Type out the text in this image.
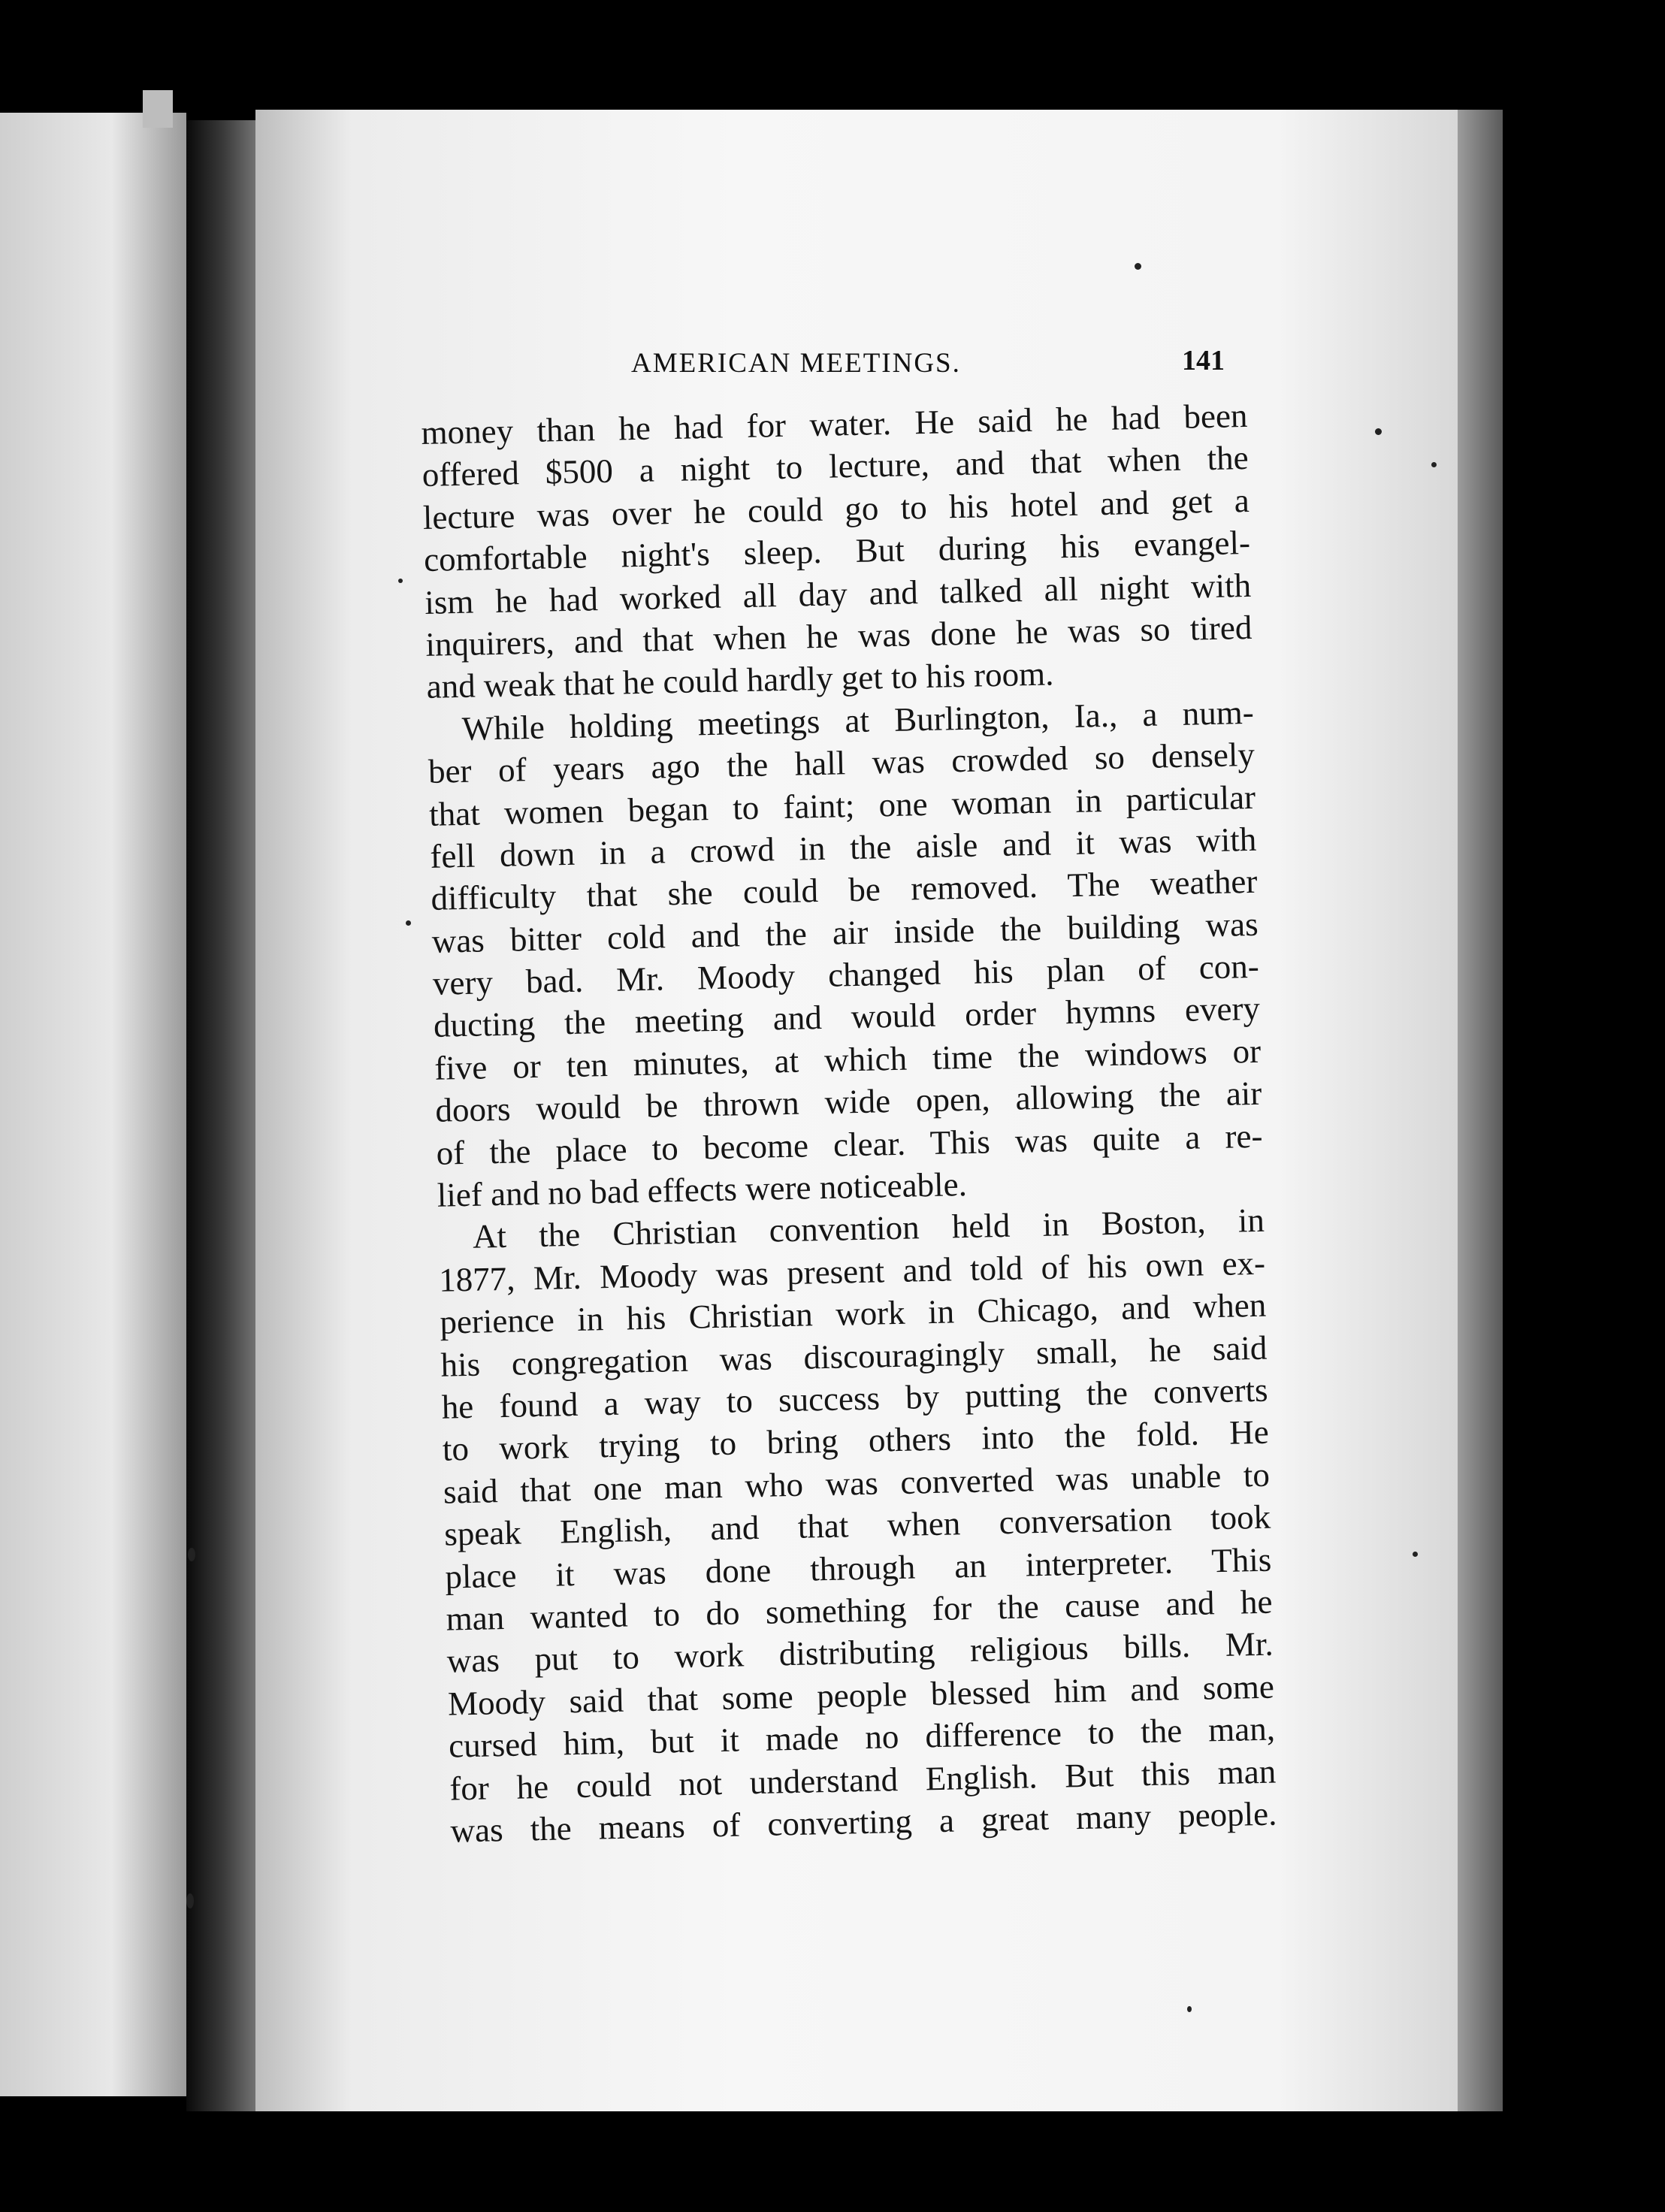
AMERICAN MEETINGS.	141
money than he had for water. He said he had been
offered $500 a night to lecture, and that when the
lecture was over he could go to his hotel and get a
comfortable night's sleep. But during his evangel-
ism he had worked all day and talked all night with
inquirers, and that when he was done he was so tired
and weak that he could hardly get to his room.
While holding meetings at Burlington, Ia., a num-
ber of years ago the hall was crowded so densely
that women began to faint; one woman in particular
fell down in a crowd in the aisle and it was with
difficulty that she could be removed. The weather
was bitter cold and the air inside the building was
very bad. Mr. Moody changed his plan of con-
ducting the meeting and would order hymns every
five or ten minutes, at which time the windows or
doors would be thrown wide open, allowing the air
of the place to become clear. This was quite a re-
lief and no bad effects were noticeable.
At the Christian convention held in Boston, in
1877, Mr. Moody was present and told of his own ex-
perience in his Christian work in Chicago, and when
his congregation was discouragingly small, he said
he found a way to success by putting the converts
to work trying to bring others into the fold. He
said that one man who was converted was unable to
speak English, and that when conversation took
place it was done through an interpreter. This
man wanted to do something for the cause and he
was put to work distributing religious bills. Mr.
Moody said that some people blessed him and some
cursed him, but it made no difference to the man,
for he could not understand English. But this man
was the means of converting a great many people.
